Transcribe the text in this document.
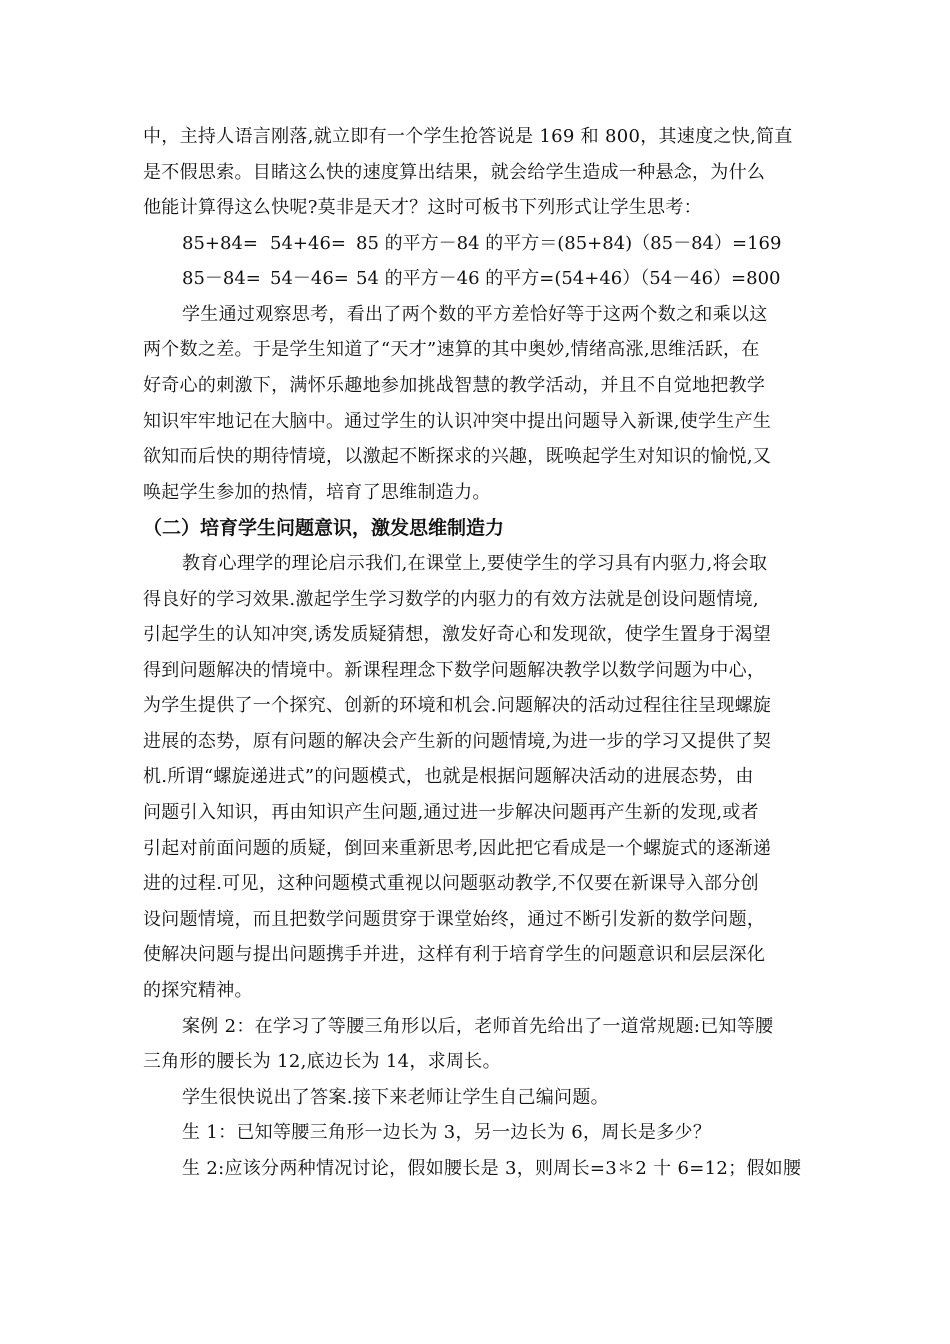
中，主持人语言刚落,就立即有一个学生抢答说是 169 和 800，其速度之快,简直
是不假思索。目睹这么快的速度算出结果，就会给学生造成一种悬念，为什么
他能计算得这么快呢?莫非是天才？这时可板书下列形式让学生思考：
85+84= 54+46= 85 的平方－84 的平方＝(85+84)（85－84）=169
85－84= 54－46= 54 的平方－46 的平方=(54+46）（54－46）=800
学生通过观察思考，看出了两个数的平方差恰好等于这两个数之和乘以这
两个数之差。于是学生知道了“天才”速算的其中奥妙,情绪高涨,思维活跃，在
好奇心的刺激下，满怀乐趣地参加挑战智慧的教学活动，并且不自觉地把教学
知识牢牢地记在大脑中。通过学生的认识冲突中提出问题导入新课,使学生产生
欲知而后快的期待情境，以激起不断探求的兴趣，既唤起学生对知识的愉悦,又
唤起学生参加的热情，培育了思维制造力。
（二）培育学生问题意识，激发思维制造力
教育心理学的理论启示我们,在课堂上,要使学生的学习具有内驱力,将会取
得良好的学习效果.激起学生学习数学的内驱力的有效方法就是创设问题情境,
引起学生的认知冲突,诱发质疑猜想，激发好奇心和发现欲，使学生置身于渴望
得到问题解决的情境中。新课程理念下数学问题解决教学以数学问题为中心，
为学生提供了一个探究、创新的环境和机会.问题解决的活动过程往往呈现螺旋
进展的态势，原有问题的解决会产生新的问题情境,为进一步的学习又提供了契
机.所谓“螺旋递进式”的问题模式，也就是根据问题解决活动的进展态势，由
问题引入知识，再由知识产生问题,通过进一步解决问题再产生新的发现,或者
引起对前面问题的质疑，倒回来重新思考,因此把它看成是一个螺旋式的逐渐递
进的过程.可见，这种问题模式重视以问题驱动教学,不仅要在新课导入部分创
设问题情境，而且把数学问题贯穿于课堂始终，通过不断引发新的数学问题，
使解决问题与提出问题携手并进，这样有利于培育学生的问题意识和层层深化
的探究精神。
案例 2：在学习了等腰三角形以后，老师首先给出了一道常规题:已知等腰
三角形的腰长为 12,底边长为 14，求周长。
学生很快说出了答案.接下来老师让学生自己编问题。
生 1：已知等腰三角形一边长为 3，另一边长为 6，周长是多少？
生 2:应该分两种情况讨论，假如腰长是 3，则周长=3＊2 十 6=12；假如腰
